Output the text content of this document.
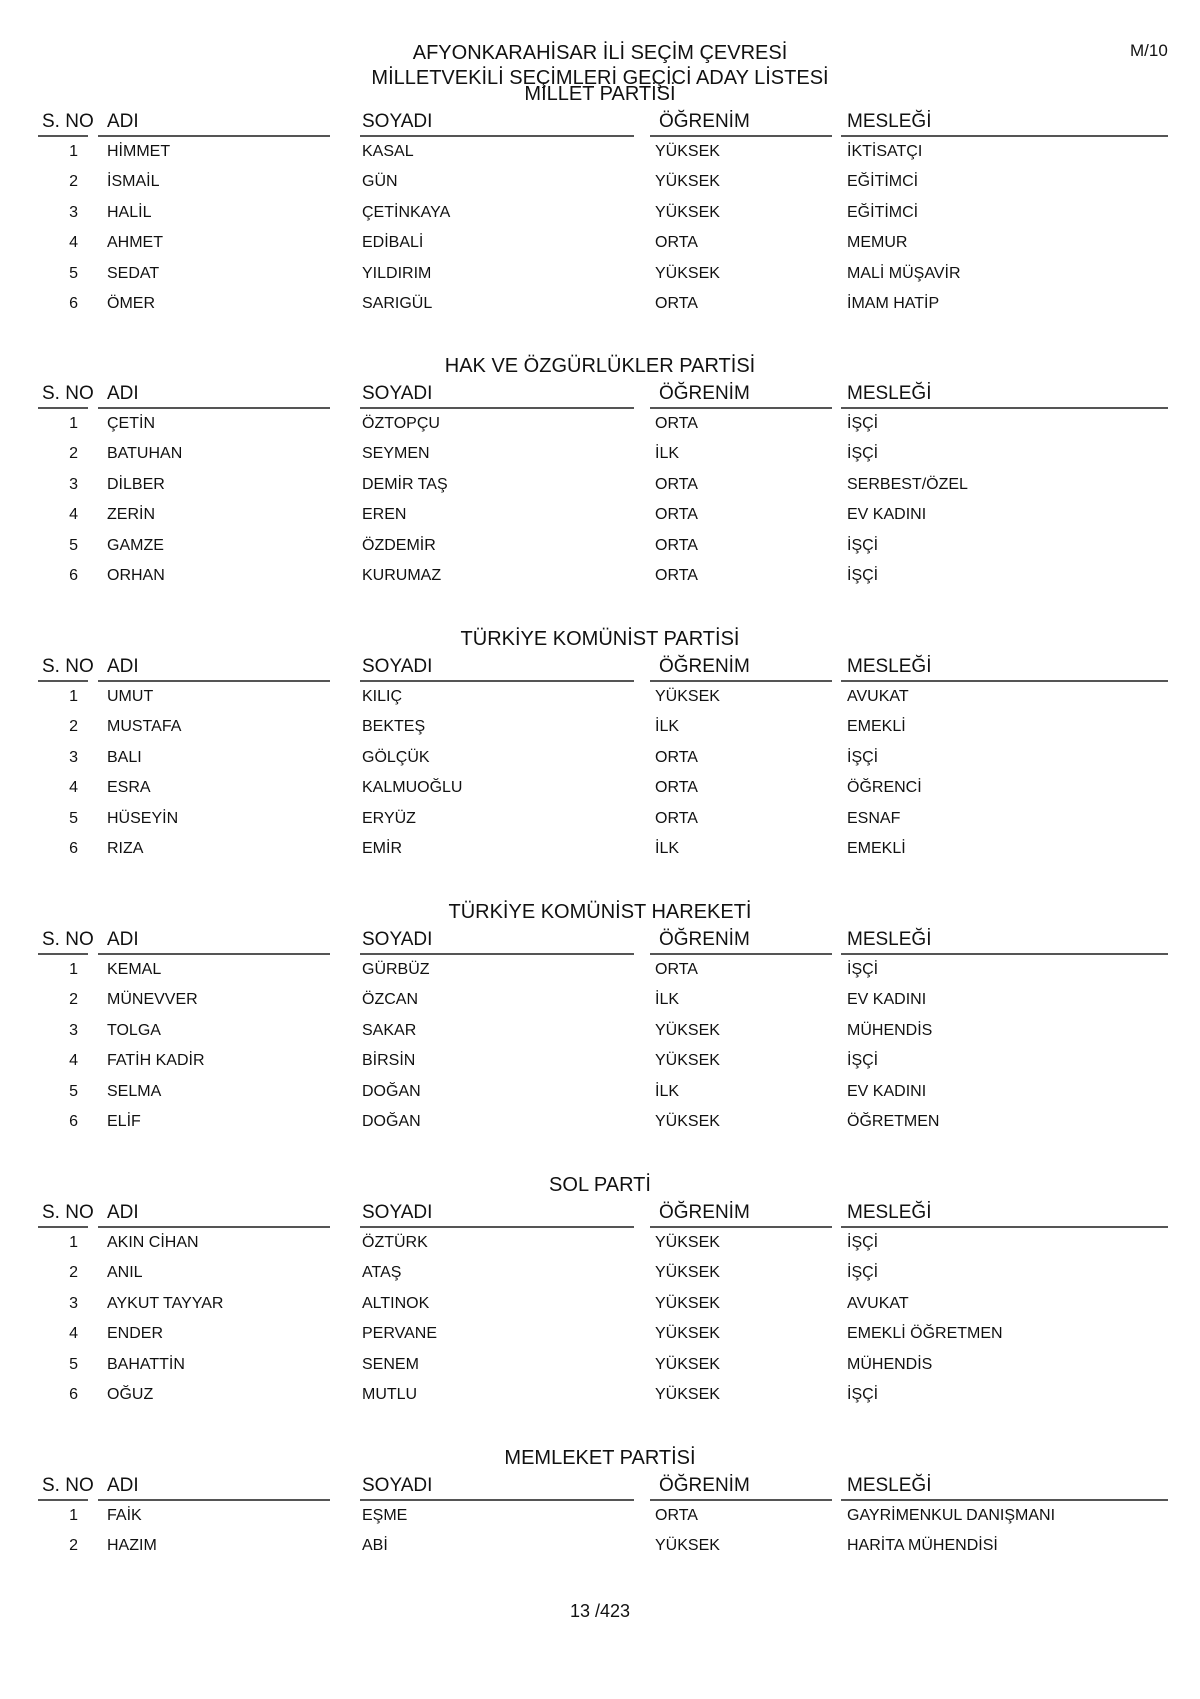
M/10
AFYONKARAHİSAR İLİ SEÇİM ÇEVRESİ
MİLLETVEKİLİ SEÇİMLERİ GEÇİCİ ADAY LİSTESİ
MİLLET PARTİSİ
S. NO ADI	SOYADI	ÖĞRENİM	MESLEĞİ
1 HİMMET	KASAL	YÜKSEK	İKTİSATÇI
2 İSMAİL	GÜN	YÜKSEK	EĞİTİMCİ
3 HALİL	ÇETİNKAYA	YÜKSEK	EĞİTİMCİ
4 AHMET	EDİBALİ	ORTA	MEMUR
5 SEDAT	YILDIRIM	YÜKSEK	MALİ MÜŞAVİR
6 ÖMER	SARIGÜL	ORTA	İMAM HATİP
HAK VE ÖZGÜRLÜKLER PARTİSİ
S. NO ADI	SOYADI	ÖĞRENİM	MESLEĞİ
1 ÇETİN	ÖZTOPÇU	ORTA	İŞÇİ
2 BATUHAN	SEYMEN	İLK	İŞÇİ
3 DİLBER	DEMİR TAŞ	ORTA	SERBEST/ÖZEL
4 ZERİN	EREN	ORTA	EV KADINI
5 GAMZE	ÖZDEMİR	ORTA	İŞÇİ
6 ORHAN	KURUMAZ	ORTA	İŞÇİ
TÜRKİYE KOMÜNİST PARTİSİ
S. NO ADI	SOYADI	ÖĞRENİM	MESLEĞİ
1 UMUT	KILIÇ	YÜKSEK	AVUKAT
2 MUSTAFA	BEKTEŞ	İLK	EMEKLİ
3 BALI	GÖLÇÜK	ORTA	İŞÇİ
4 ESRA	KALMUOĞLU	ORTA	ÖĞRENCİ
5 HÜSEYİN	ERYÜZ	ORTA	ESNAF
6 RIZA	EMİR	İLK	EMEKLİ
TÜRKİYE KOMÜNİST HAREKETİ
S. NO ADI	SOYADI	ÖĞRENİM	MESLEĞİ
1 KEMAL	GÜRBÜZ	ORTA	İŞÇİ
2 MÜNEVVER	ÖZCAN	İLK	EV KADINI
3 TOLGA	SAKAR	YÜKSEK	MÜHENDİS
4 FATİH KADİR	BİRSİN	YÜKSEK	İŞÇİ
5 SELMA	DOĞAN	İLK	EV KADINI
6 ELİF	DOĞAN	YÜKSEK	ÖĞRETMEN
SOL PARTİ
S. NO ADI	SOYADI	ÖĞRENİM	MESLEĞİ
1 AKIN CİHAN	ÖZTÜRK	YÜKSEK	İŞÇİ
2 ANIL	ATAŞ	YÜKSEK	İŞÇİ
3 AYKUT TAYYAR	ALTINOK	YÜKSEK	AVUKAT
4 ENDER	PERVANE	YÜKSEK	EMEKLİ ÖĞRETMEN
5 BAHATTİN	SENEM	YÜKSEK	MÜHENDİS
6 OĞUZ	MUTLU	YÜKSEK	İŞÇİ
MEMLEKET PARTİSİ
S. NO ADI	SOYADI	ÖĞRENİM	MESLEĞİ
1 FAİK	EŞME	ORTA	GAYRİMENKUL DANIŞMANI
2 HAZIM	ABİ	YÜKSEK	HARİTA MÜHENDİSİ
13 /423
